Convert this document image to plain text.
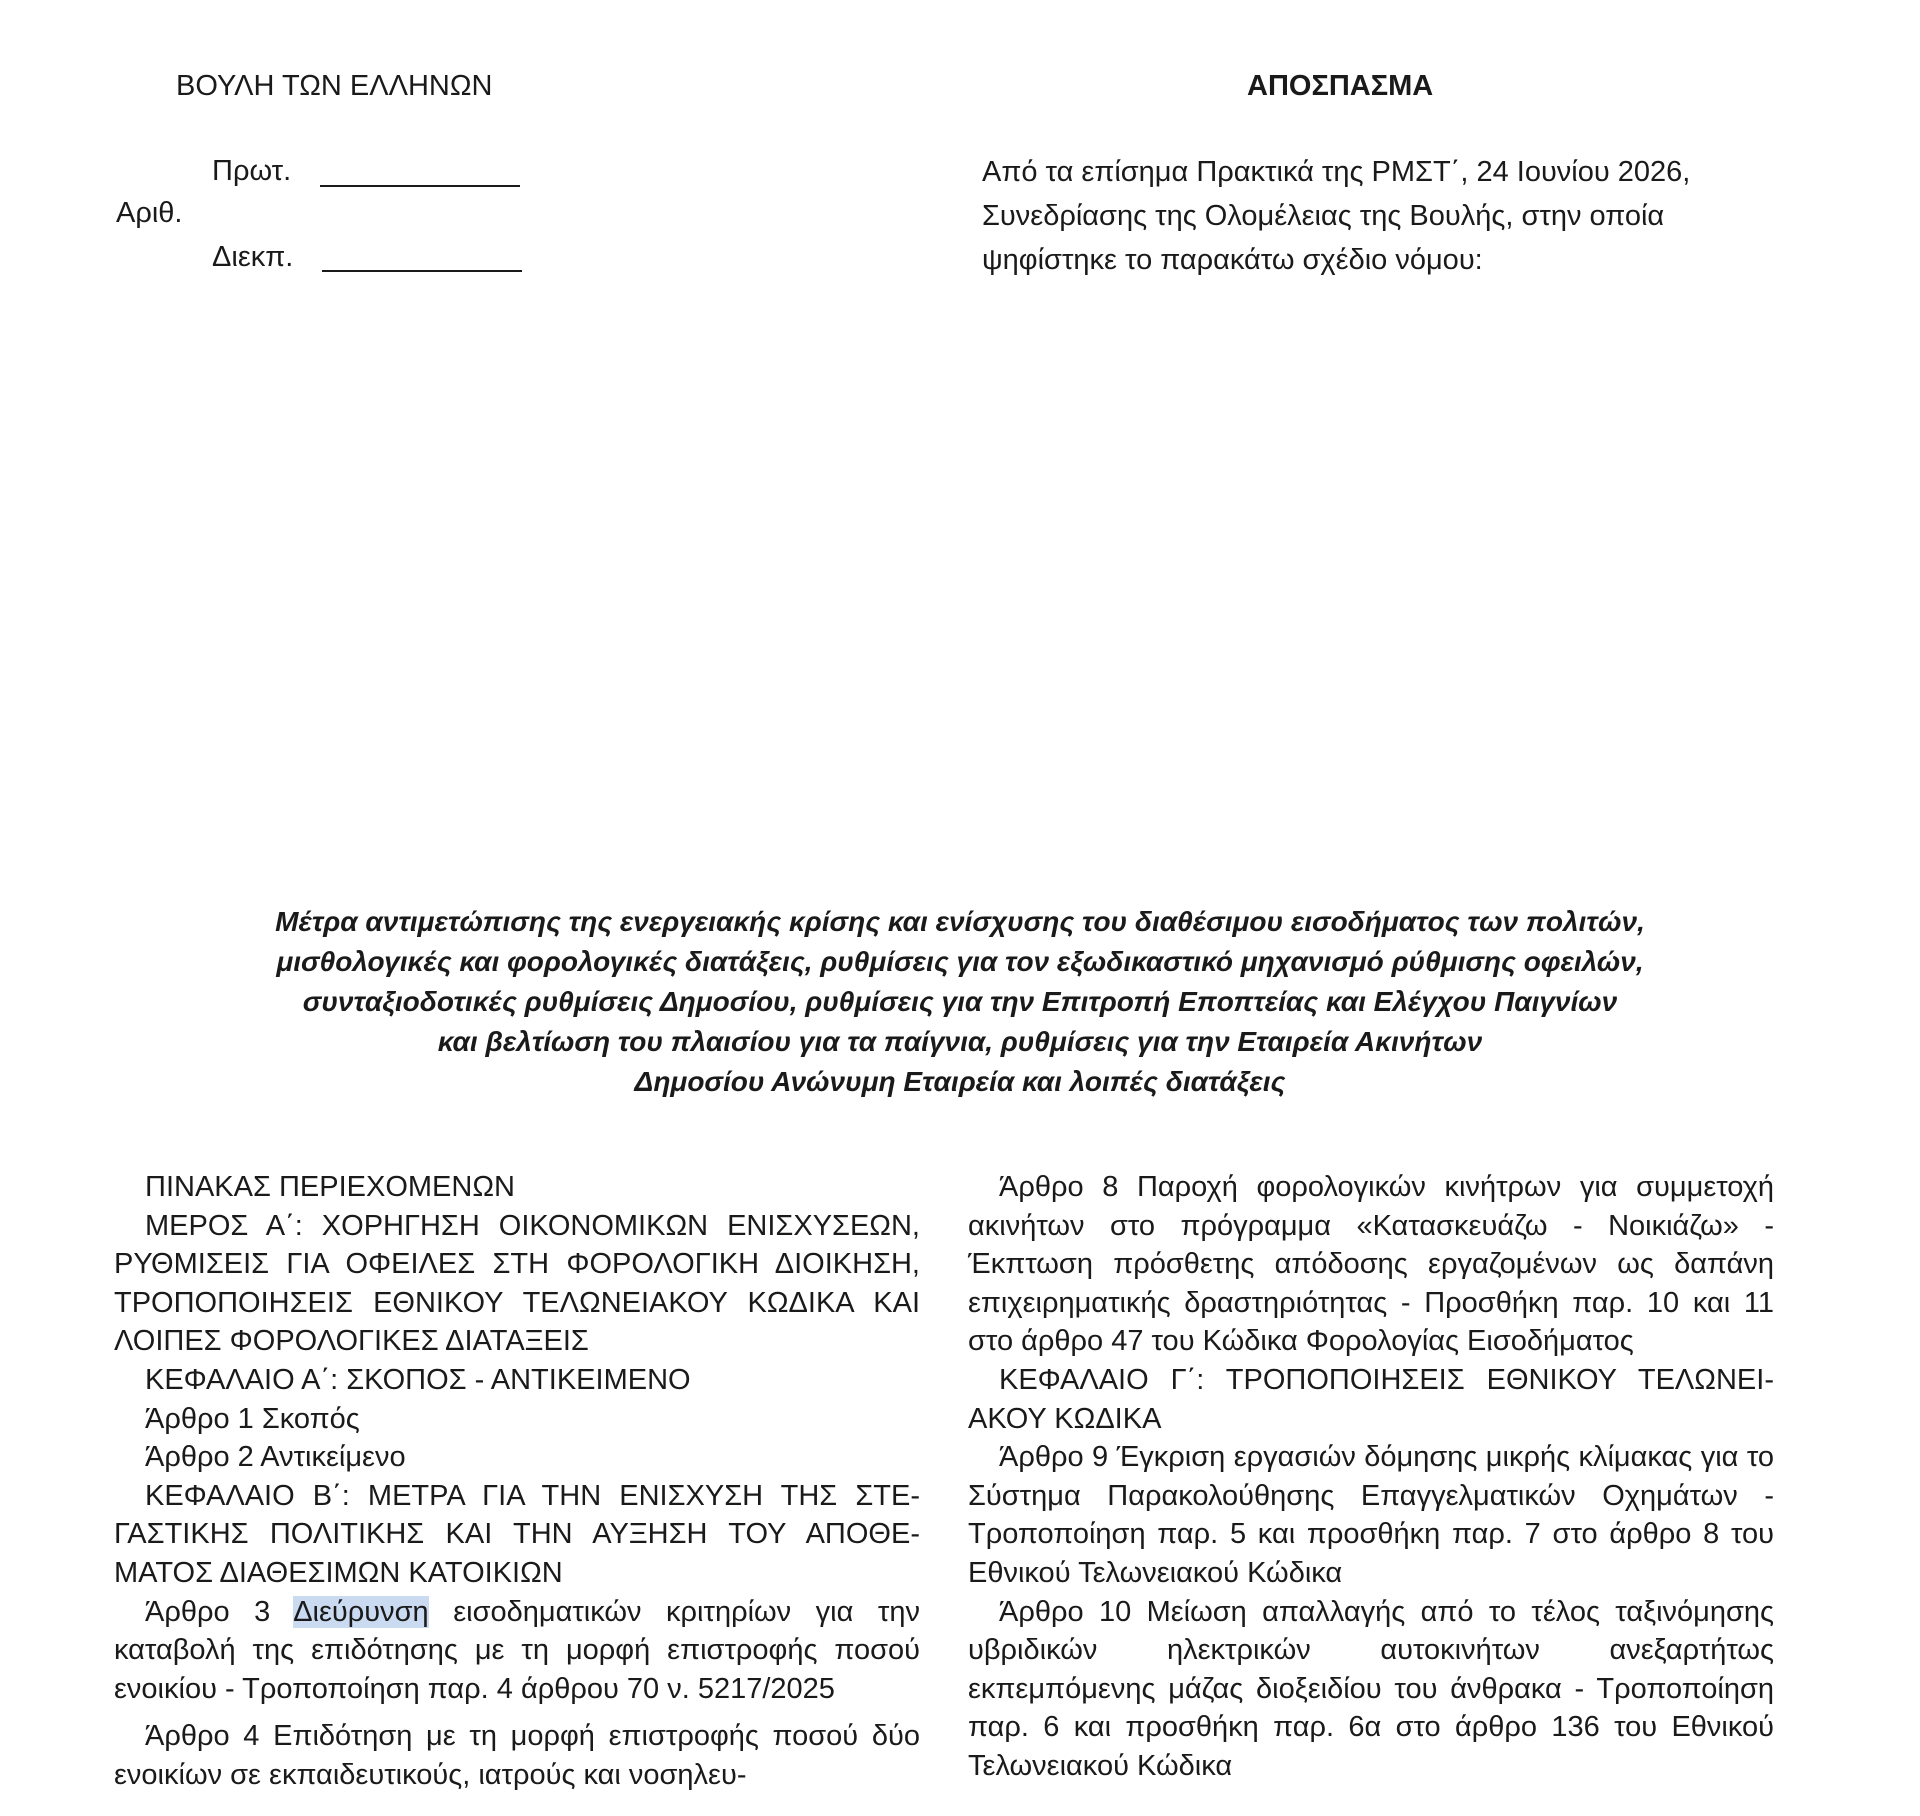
ΒΟΥΛΗ ΤΩΝ ΕΛΛΗΝΩΝ
Πρωτ.
Αριθ.
Διεκπ.
ΑΠΟΣΠΑΣΜΑ
Από τα επίσημα Πρακτικά της ΡΜΣΤ΄, 24 Ιουνίου 2026, Συνεδρίασης της Ολομέλειας της Βουλής, στην οποία ψηφίστηκε το παρακάτω σχέδιο νόμου:
Μέτρα αντιμετώπισης της ενεργειακής κρίσης και ενίσχυσης του διαθέσιμου εισοδήματος των πολιτών,
μισθολογικές και φορολογικές διατάξεις, ρυθμίσεις για τον εξωδικαστικό μηχανισμό ρύθμισης οφειλών,
συνταξιοδοτικές ρυθμίσεις Δημοσίου, ρυθμίσεις για την Επιτροπή Εποπτείας και Ελέγχου Παιγνίων
και βελτίωση του πλαισίου για τα παίγνια, ρυθμίσεις για την Εταιρεία Ακινήτων
Δημοσίου Ανώνυμη Εταιρεία και λοιπές διατάξεις

ΠΙΝΑΚΑΣ ΠΕΡΙΕΧΟΜΕΝΩΝ

ΜΕΡΟΣ Α΄: ΧΟΡΗΓΗΣΗ ΟΙΚΟΝΟΜΙΚΩΝ ΕΝΙΣΧΥΣΕΩΝ, ΡΥΘΜΙΣΕΙΣ ΓΙΑ ΟΦΕΙΛΕΣ ΣΤΗ ΦΟΡΟΛΟΓΙΚΗ ΔΙΟΙΚΗΣΗ, ΤΡΟΠΟΠΟΙΗΣΕΙΣ ΕΘΝΙΚΟΥ ΤΕΛΩΝΕΙΑΚΟΥ ΚΩΔΙΚΑ ΚΑΙ ΛΟΙΠΕΣ ΦΟΡΟΛΟΓΙΚΕΣ ΔΙΑΤΑΞΕΙΣ

ΚΕΦΑΛΑΙΟ Α΄: ΣΚΟΠΟΣ - ΑΝΤΙΚΕΙΜΕΝΟ

Άρθρο 1 Σκοπός

Άρθρο 2 Αντικείμενο

ΚΕΦΑΛΑΙΟ Β΄: ΜΕΤΡΑ ΓΙΑ ΤΗΝ ΕΝΙΣΧΥΣΗ ΤΗΣ ΣΤΕΓΑΣΤΙΚΗΣ ΠΟΛΙΤΙΚΗΣ ΚΑΙ ΤΗΝ ΑΥΞΗΣΗ ΤΟΥ ΑΠΟΘΕΜΑΤΟΣ ΔΙΑΘΕΣΙΜΩΝ ΚΑΤΟΙΚΙΩΝ

Άρθρο 3 Διεύρυνση εισοδηματικών κριτηρίων για την καταβολή της επιδότησης με τη μορφή επιστροφής ποσού ενοικίου - Τροποποίηση παρ. 4 άρθρου 70 ν. 5217/2025

Άρθρο 4 Επιδότηση με τη μορφή επιστροφής ποσού δύο ενοικίων σε εκπαιδευτικούς, ιατρούς και νοσηλευ-

Άρθρο 8 Παροχή φορολογικών κινήτρων για συμμετοχή ακινήτων στο πρόγραμμα «Κατασκευάζω - Νοικιάζω» - Έκπτωση πρόσθετης απόδοσης εργαζομένων ως δαπάνη επιχειρηματικής δραστηριότητας - Προσθήκη παρ. 10 και 11 στο άρθρο 47 του Κώδικα Φορολογίας Εισοδήματος

ΚΕΦΑΛΑΙΟ Γ΄: ΤΡΟΠΟΠΟΙΗΣΕΙΣ ΕΘΝΙΚΟΥ ΤΕΛΩΝΕΙΑΚΟΥ ΚΩΔΙΚΑ

Άρθρο 9 Έγκριση εργασιών δόμησης μικρής κλίμακας για το Σύστημα Παρακολούθησης Επαγγελματικών Οχημάτων - Τροποποίηση παρ. 5 και προσθήκη παρ. 7 στο άρθρο 8 του Εθνικού Τελωνειακού Κώδικα

Άρθρο 10 Μείωση απαλλαγής από το τέλος ταξινόμησης υβριδικών ηλεκτρικών αυτοκινήτων ανεξαρτήτως εκπεμπόμενης μάζας διοξειδίου του άνθρακα - Τροποποίηση παρ. 6 και προσθήκη παρ. 6α στο άρθρο 136 του Εθνικού Τελωνειακού Κώδικα
